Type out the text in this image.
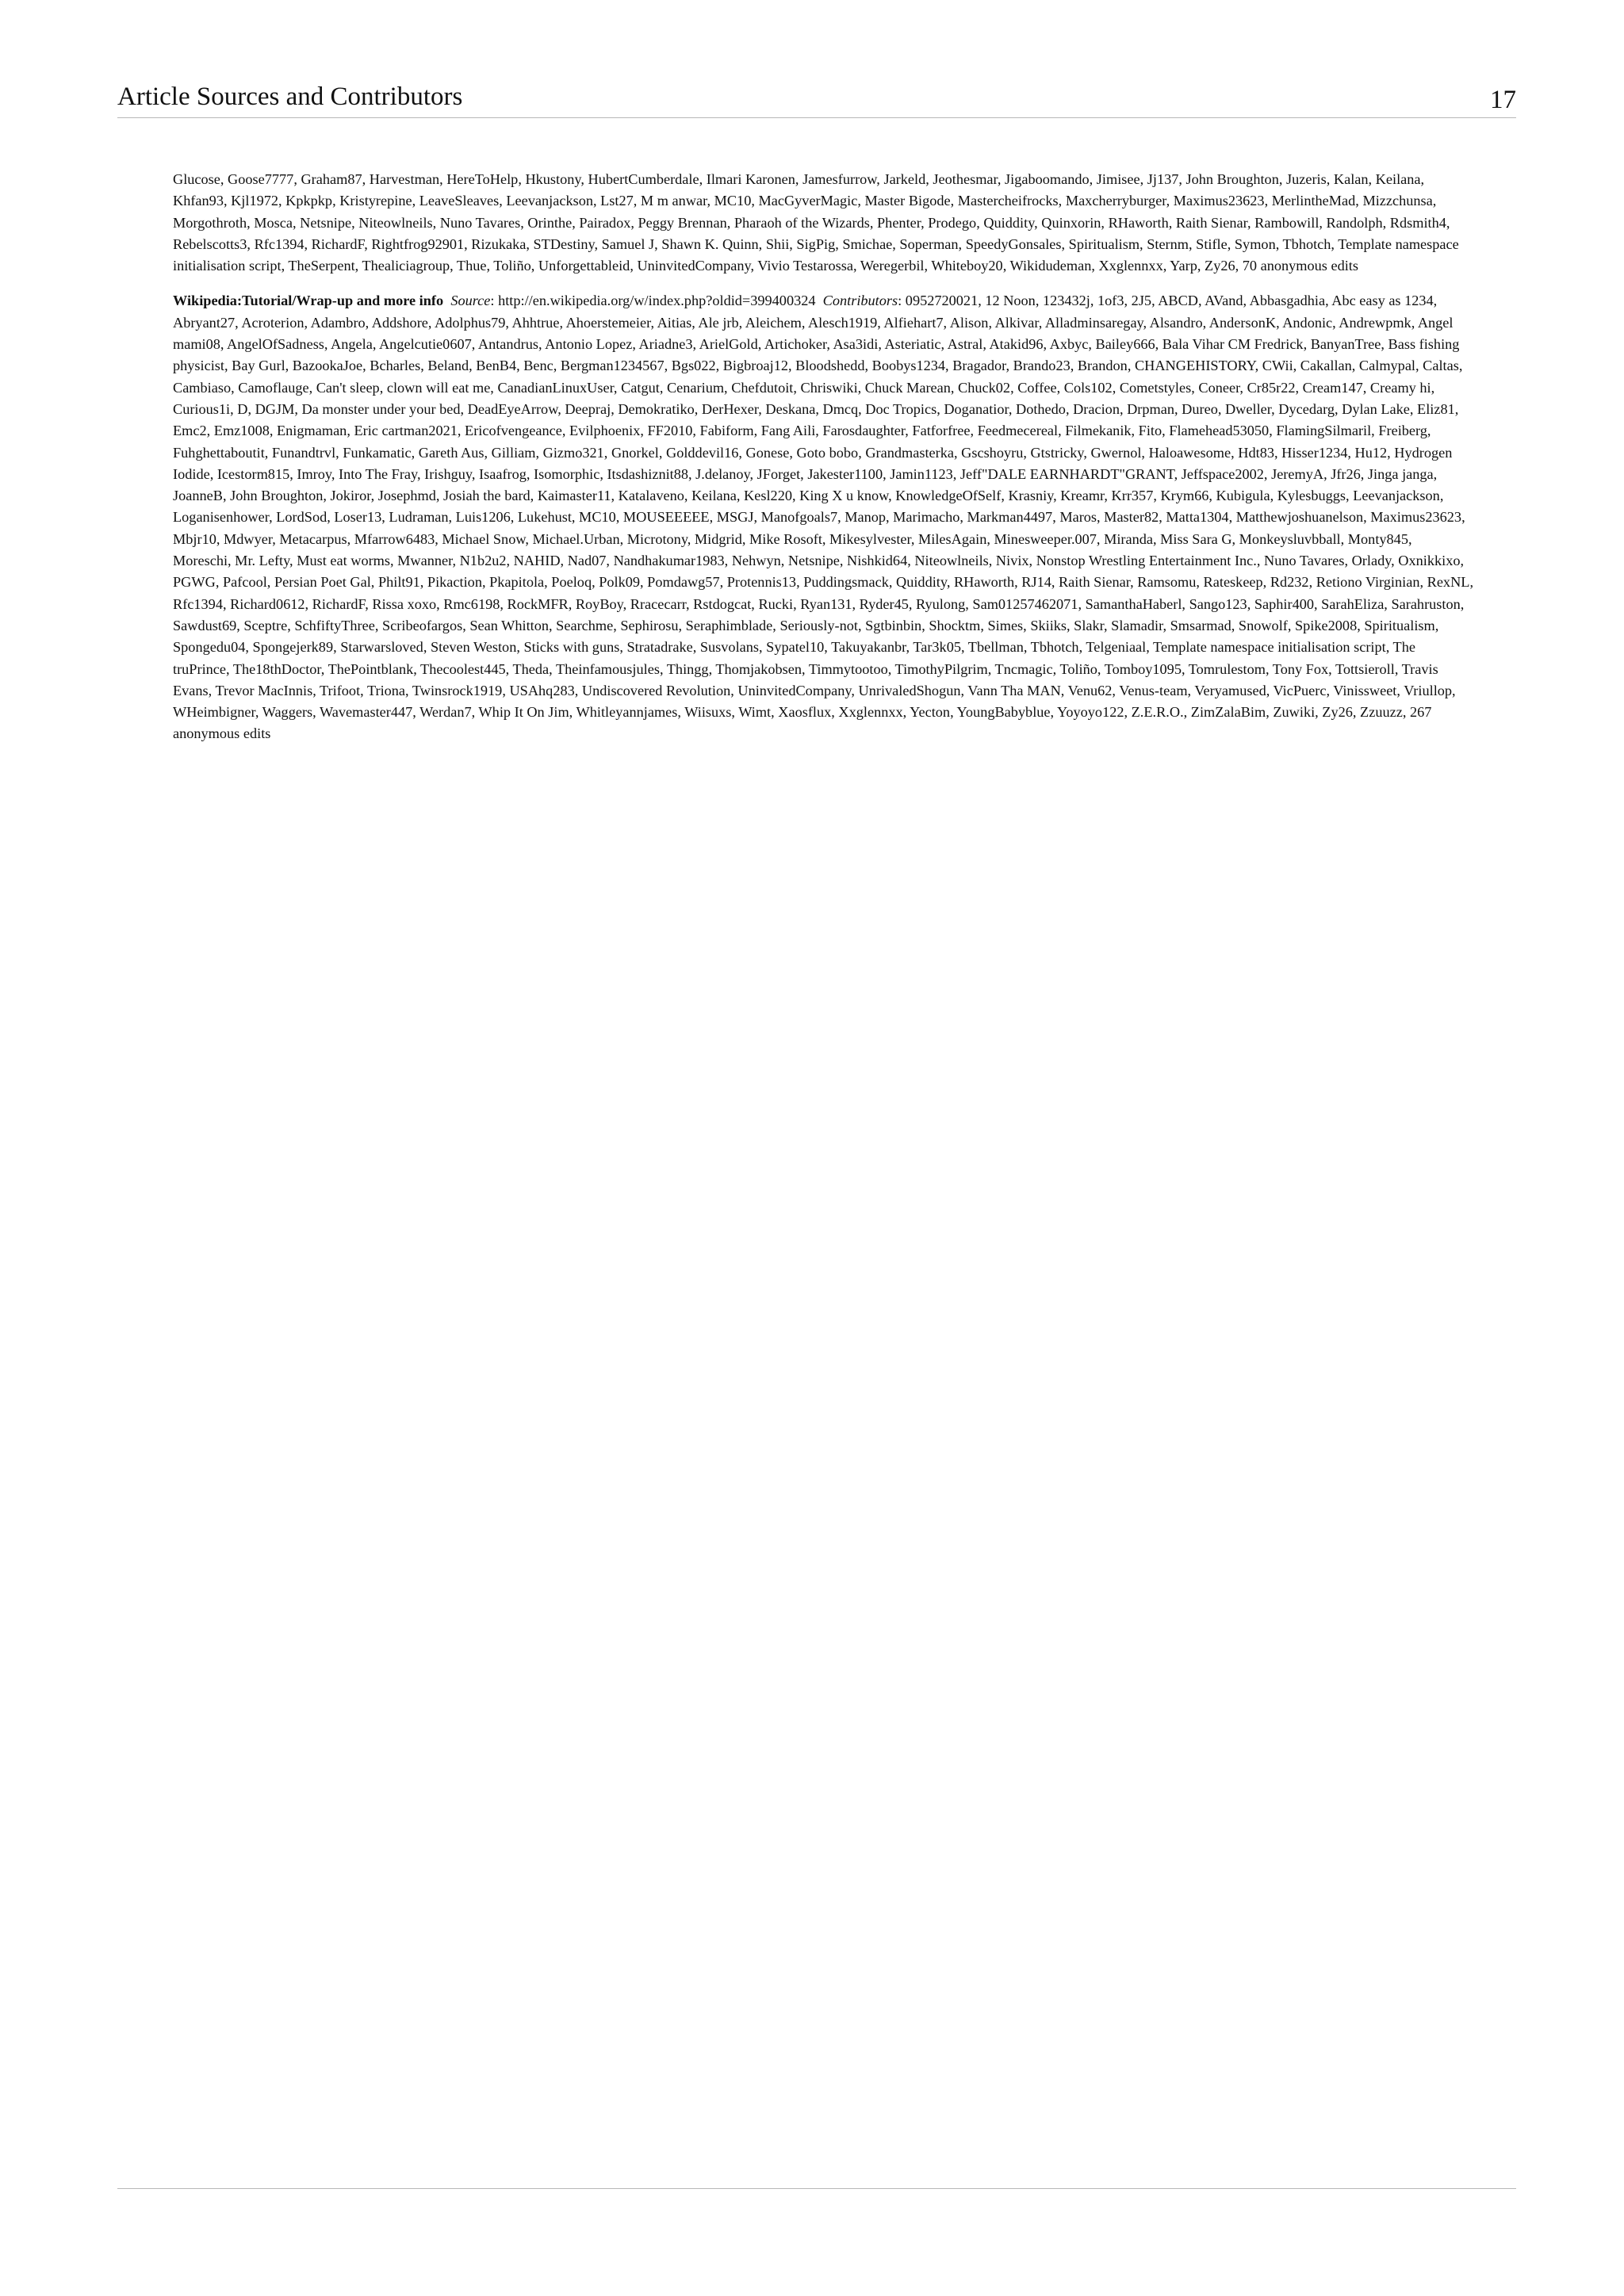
Article Sources and Contributors	17

Glucose, Goose7777, Graham87, Harvestman, HereToHelp, Hkustony, HubertCumberdale, Ilmari Karonen, Jamesfurrow, Jarkeld, Jeothesmar, Jigaboomando, Jimisee, Jj137, John Broughton, Juzeris, Kalan, Keilana, Khfan93, Kjl1972, Kpkpkp, Kristyrepine, LeaveSleaves, Leevanjackson, Lst27, M m anwar, MC10, MacGyverMagic, Master Bigode, Mastercheifrocks, Maxcherryburger, Maximus23623, MerlintheMad, Mizzchunsa, Morgothroth, Mosca, Netsnipe, Niteowlneils, Nuno Tavares, Orinthe, Pairadox, Peggy Brennan, Pharaoh of the Wizards, Phenter, Prodego, Quiddity, Quinxorin, RHaworth, Raith Sienar, Rambowill, Randolph, Rdsmith4, Rebelscotts3, Rfc1394, RichardF, Rightfrog92901, Rizukaka, STDestiny, Samuel J, Shawn K. Quinn, Shii, SigPig, Smichae, Soperman, SpeedyGonsales, Spiritualism, Sternm, Stifle, Symon, Tbhotch, Template namespace initialisation script, TheSerpent, Thealiciagroup, Thue, Toliño, Unforgettableid, UninvitedCompany, Vivio Testarossa, Weregerbil, Whiteboy20, Wikidudeman, Xxglennxx, Yarp, Zy26, 70 anonymous edits

Wikipedia:Tutorial/Wrap-up and more info Source: http://en.wikipedia.org/w/index.php?oldid=399400324 Contributors: 0952720021, 12 Noon, 123432j, 1of3, 2J5, ABCD, AVand, Abbasgadhia, Abc easy as 1234, Abryant27, Acroterion, Adambro, Addshore, Adolphus79, Ahhtrue, Ahoerstemeier, Aitias, Ale jrb, Aleichem, Alesch1919, Alfiehart7, Alison, Alkivar, Alladminsaregay, Alsandro, AndersonK, Andonic, Andrewpmk, Angel mami08, AngelOfSadness, Angela, Angelcutie0607, Antandrus, Antonio Lopez, Ariadne3, ArielGold, Artichoker, Asa3idi, Asteriatic, Astral, Atakid96, Axbyc, Bailey666, Bala Vihar CM Fredrick, BanyanTree, Bass fishing physicist, Bay Gurl, BazookaJoe, Bcharles, Beland, BenB4, Benc, Bergman1234567, Bgs022, Bigbroaj12, Bloodshedd, Boobys1234, Bragador, Brando23, Brandon, CHANGEHISTORY, CWii, Cakallan, Calmypal, Caltas, Cambiaso, Camoflauge, Can't sleep, clown will eat me, CanadianLinuxUser, Catgut, Cenarium, Chefdutoit, Chriswiki, Chuck Marean, Chuck02, Coffee, Cols102, Cometstyles, Coneer, Cr85r22, Cream147, Creamy hi, Curious1i, D, DGJM, Da monster under your bed, DeadEyeArrow, Deepraj, Demokratiko, DerHexer, Deskana, Dmcq, Doc Tropics, Doganatior, Dothedo, Dracion, Drpman, Dureo, Dweller, Dycedarg, Dylan Lake, Eliz81, Emc2, Emz1008, Enigmaman, Eric cartman2021, Ericofvengeance, Evilphoenix, FF2010, Fabiform, Fang Aili, Farosdaughter, Fatforfree, Feedmecereal, Filmekanik, Fito, Flamehead53050, FlamingSilmaril, Freiberg, Fuhghettaboutit, Funandtrvl, Funkamatic, Gareth Aus, Gilliam, Gizmo321, Gnorkel, Golddevil16, Gonese, Goto bobo, Grandmasterka, Gscshoyru, Gtstricky, Gwernol, Haloawesome, Hdt83, Hisser1234, Hu12, Hydrogen Iodide, Icestorm815, Imroy, Into The Fray, Irishguy, Isaafrog, Isomorphic, Itsdashiznit88, J.delanoy, JForget, Jakester1100, Jamin1123, Jeff"DALE EARNHARDT"GRANT, Jeffspace2002, JeremyA, Jfr26, Jinga janga, JoanneB, John Broughton, Jokiror, Josephmd, Josiah the bard, Kaimaster11, Katalaveno, Keilana, Kesl220, King X u know, KnowledgeOfSelf, Krasniy, Kreamr, Krr357, Krym66, Kubigula, Kylesbuggs, Leevanjackson, Loganisenhower, LordSod, Loser13, Ludraman, Luis1206, Lukehust, MC10, MOUSEEEEE, MSGJ, Manofgoals7, Manop, Marimacho, Markman4497, Maros, Master82, Matta1304, Matthewjoshuanelson, Maximus23623, Mbjr10, Mdwyer, Metacarpus, Mfarrow6483, Michael Snow, Michael.Urban, Microtony, Midgrid, Mike Rosoft, Mikesylvester, MilesAgain, Minesweeper.007, Miranda, Miss Sara G, Monkeysluvbball, Monty845, Moreschi, Mr. Lefty, Must eat worms, Mwanner, N1b2u2, NAHID, Nad07, Nandhakumar1983, Nehwyn, Netsnipe, Nishkid64, Niteowlneils, Nivix, Nonstop Wrestling Entertainment Inc., Nuno Tavares, Orlady, Oxnikkixo, PGWG, Pafcool, Persian Poet Gal, Philt91, Pikaction, Pkapitola, Poeloq, Polk09, Pomdawg57, Protennis13, Puddingsmack, Quiddity, RHaworth, RJ14, Raith Sienar, Ramsomu, Rateskeep, Rd232, Retiono Virginian, RexNL, Rfc1394, Richard0612, RichardF, Rissa xoxo, Rmc6198, RockMFR, RoyBoy, Rracecarr, Rstdogcat, Rucki, Ryan131, Ryder45, Ryulong, Sam01257462071, SamanthaHaberl, Sango123, Saphir400, SarahEliza, Sarahruston, Sawdust69, Sceptre, SchfiftyThree, Scribeofargos, Sean Whitton, Searchme, Sephirosu, Seraphimblade, Seriously-not, Sgtbinbin, Shocktm, Simes, Skiiks, Slakr, Slamadir, Smsarmad, Snowolf, Spike2008, Spiritualism, Spongedu04, Spongejerk89, Starwarsloved, Steven Weston, Sticks with guns, Stratadrake, Susvolans, Sypatel10, Takuyakanbr, Tar3k05, Tbellman, Tbhotch, Telgeniaal, Template namespace initialisation script, The truPrince, The18thDoctor, ThePointblank, Thecoolest445, Theda, Theinfamousjules, Thingg, Thomjakobsen, Timmytootoo, TimothyPilgrim, Tncmagic, Toliño, Tomboy1095, Tomrulestom, Tony Fox, Tottsieroll, Travis Evans, Trevor MacInnis, Trifoot, Triona, Twinsrock1919, USAhq283, Undiscovered Revolution, UninvitedCompany, UnrivaledShogun, Vann Tha MAN, Venu62, Venus-team, Veryamused, VicPuerc, Vinissweet, Vriullop, WHeimbigner, Waggers, Wavemaster447, Werdan7, Whip It On Jim, Whitleyannjames, Wiisuxs, Wimt, Xaosflux, Xxglennxx, Yecton, YoungBabyblue, Yoyoyo122, Z.E.R.O., ZimZalaBim, Zuwiki, Zy26, Zzuuzz, 267 anonymous edits
